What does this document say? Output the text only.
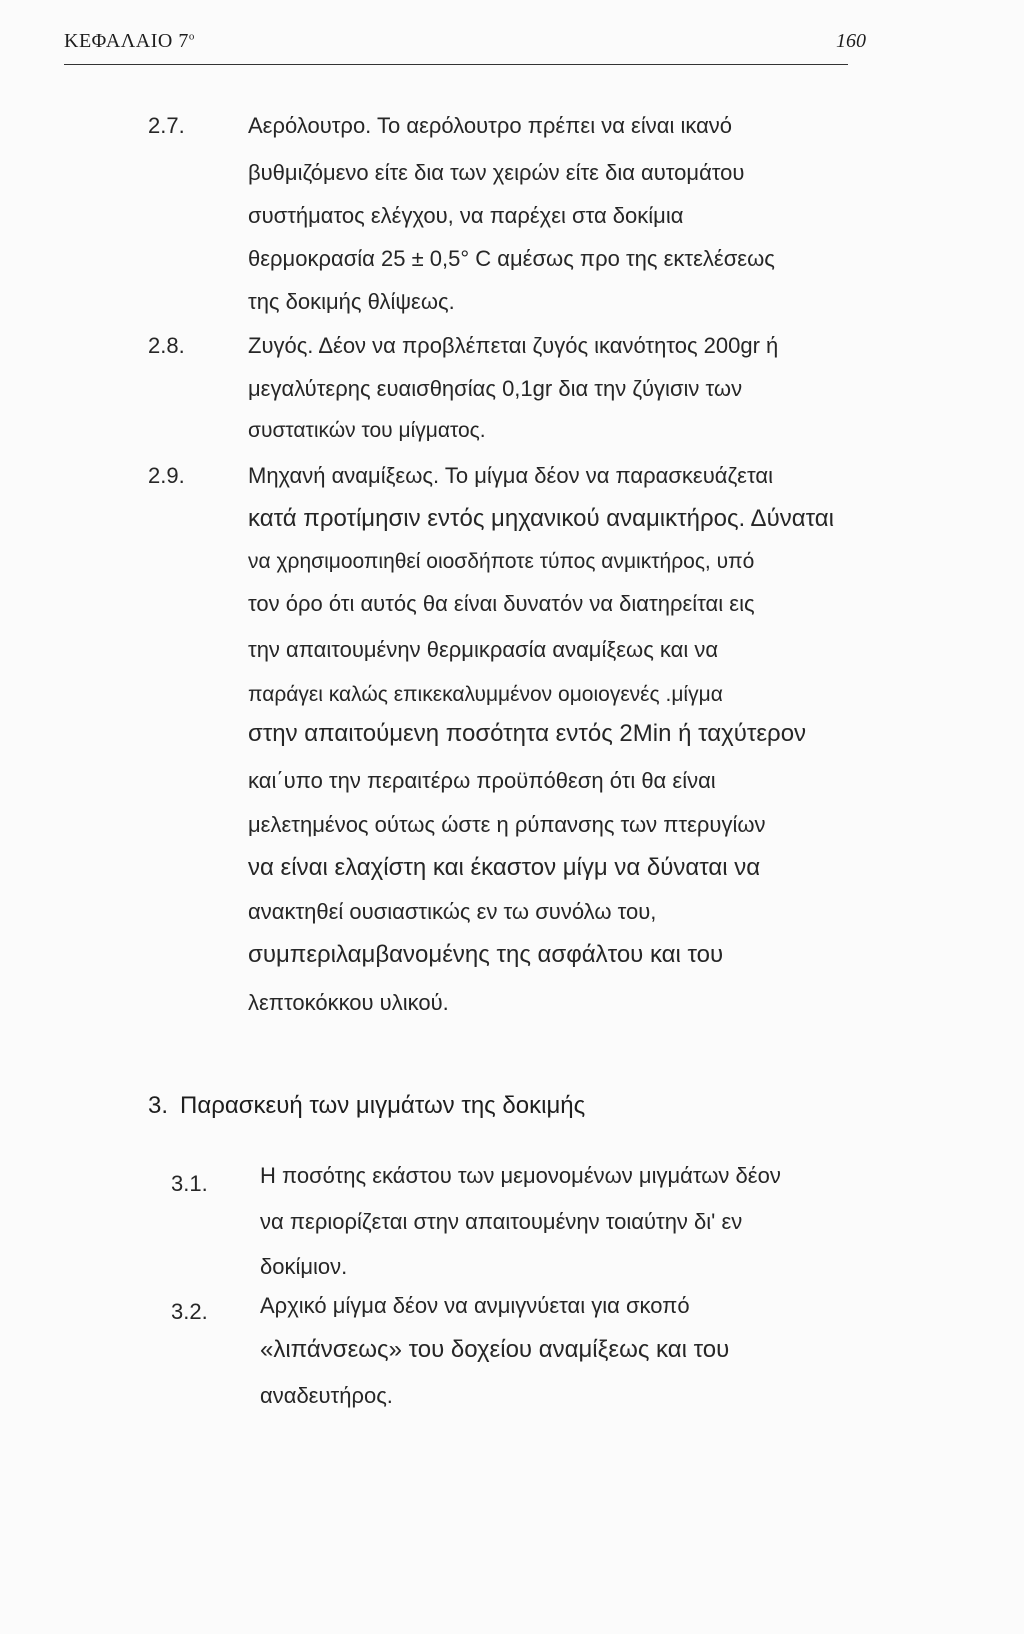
ΚΕΦΑΛΑΙΟ $7^o$	160
2.7.	Αερόλουτρο. Το αερόλουτρο πρέπει να είναι ικανό
βυθμιζόμενο είτε δια των χειρών είτε δια αυτομάτου
συστήματος ελέγχου, να παρέχει στα δοκίμια
θερμοκρασία 25 ± 0,5° C αμέσως προ της εκτελέσεως
της δοκιμής θλίψεως.
2.8.	Ζυγός. Δέον να προβλέπεται ζυγός ικανότητος 200gr ή
μεγαλύτερης ευαισθησίας 0,1gr δια την ζύγισιν των
συστατικών του μίγματος.
2.9.	Μηχανή αναμίξεως. Το μίγμα δέον να παρασκευάζεται
κατά προτίμησιν εντός μηχανικού αναμικτήρος. Δύναται
να χρησιμοοπιηθεί οιοσδήποτε τύπος ανμικτήρος, υπό
τον όρο ότι αυτός θα είναι δυνατόν να διατηρείται εις
την απαιτουμένην θερμικρασία αναμίξεως και να
παράγει καλώς επικεκαλυμμένον ομοιογενές .μίγμα
στην απαιτούμενη ποσότητα εντός 2Min ή ταχύτερον
και΄υπο την περαιτέρω προϋπόθεση ότι θα είναι
μελετημένος ούτως ώστε η ρύπανσης των πτερυγίων
να είναι ελαχίστη και έκαστον μίγμ να δύναται να
ανακτηθεί ουσιαστικώς εν τω συνόλω του,
συμπεριλαμβανομένης της ασφάλτου και του
λεπτοκόκκου υλικού.
3. Παρασκευή των μιγμάτων της δοκιμής
3.1. Η ποσότης εκάστου των μεμονομένων μιγμάτων δέον
να περιορίζεται στην απαιτουμένην τοιαύτην δι' εν
δοκίμιον.
3.2. Αρχικό μίγμα δέον να ανμιγνύεται για σκοπό
«λιπάνσεως» του δοχείου αναμίξεως και του
αναδευτήρος.
